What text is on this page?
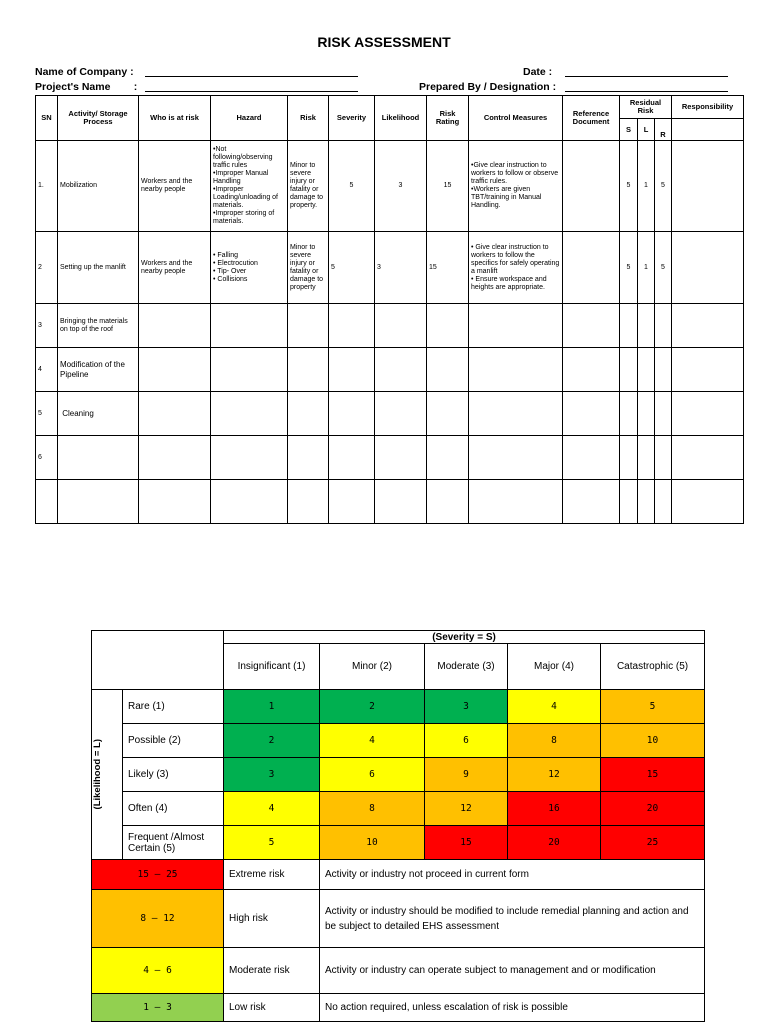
RISK ASSESSMENT
Name of Company :
Project's Name        :
Date :
Prepared By / Designation :
SN	Activity/ Storage Process	Who is at risk	Hazard	Risk	Severity	Likelihood	Risk Rating	Control Measures	Reference Document	Residual Risk			Responsibility
										S	L	R	
1.	Mobilization	Workers and the nearby people	•Not following/observing traffic rules
•Improper Manual Handling
•Improper Loading/unloading of materials.
•Improper storing of materials.	Minor to severe injury or fatality or damage to property.	5	3	15	•Give clear instruction to workers to follow or observe traffic rules.
•Workers are given TBT/training in Manual Handling.		5	1	5	
2	Setting up the manlift	Workers and the nearby people	• Falling
• Electrocution
• Tip- Over
• Collisions	Minor to severe injury or fatality or damage to property	5	3	15	• Give clear instruction to workers to follow the specifics for safely operating a manlift
• Ensure workspace and heights are appropriate.		5	1	5	
3	Bringing the materials on top of the roof												
4	Modification of the Pipeline												
5	Cleaning												
6													

		(Severity = S)				
		Insignificant (1)	Minor (2)	Moderate (3)	Major (4)	Catastrophic (5)

(Likelihood = L)	Rare (1)	1	2	3	4	5
	Possible (2)	2	4	6	8	10
	Likely (3)	3	6	9	12	15
	Often (4)	4	8	12	16	20
	Frequent /Almost Certain (5)	5	10	15	20	25
15 – 25		Extreme risk	Activity or industry not proceed in current form			
8 – 12		High risk	Activity or industry should be modified to include remedial planning and action and be subject to detailed EHS assessment			
4 – 6		Moderate risk	Activity or industry can operate subject to management and or modification			
1 – 3		Low risk	No action required, unless escalation of risk is possible			
